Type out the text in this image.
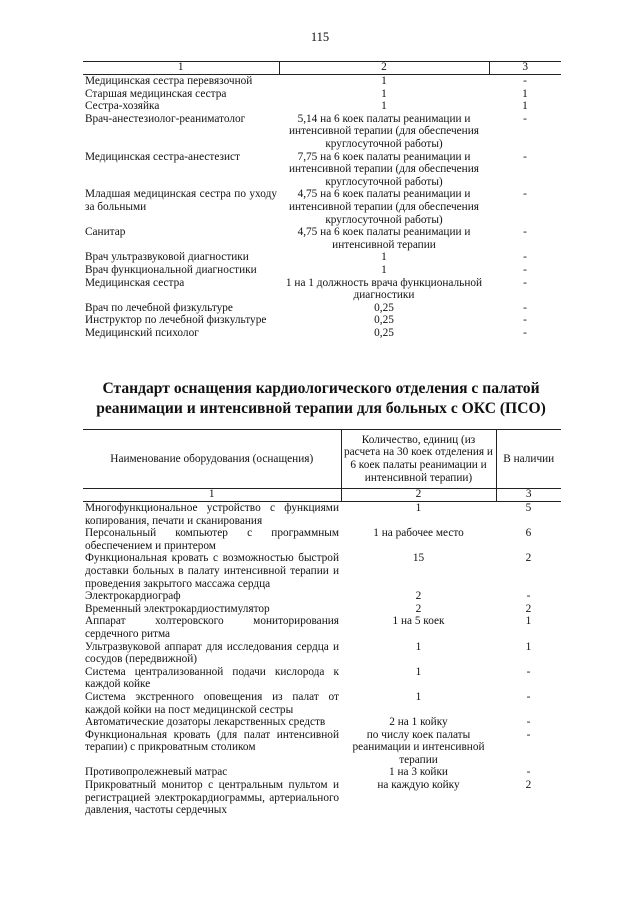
115
1	2	3
Медицинская сестра перевязочной	1	-
Старшая медицинская сестра	1	1
Сестра-хозяйка	1	1
Врач-анестезиолог-реаниматолог	5,14 на 6 коек палаты реанимации и интенсивной терапии (для обеспечения круглосуточной работы)	-
Медицинская сестра-анестезист	7,75 на 6 коек палаты реанимации и интенсивной терапии (для обеспечения круглосуточной работы)	-
Младшая медицинская сестра по уходу за больными	4,75 на 6 коек палаты реанимации и интенсивной терапии (для обеспечения круглосуточной работы)	-
Санитар	4,75 на 6 коек палаты реанимации и интенсивной терапии	-
Врач ультразвуковой диагностики	1	-
Врач функциональной диагностики	1	-
Медицинская сестра	1 на 1 должность врача функциональной диагностики	-
Врач по лечебной физкультуре	0,25	-
Инструктор по лечебной физкультуре	0,25	-
Медицинский психолог	0,25	-
Стандарт оснащения кардиологического отделения с палатой реанимации и интенсивной терапии для больных с ОКС (ПСО)
Наименование оборудования (оснащения)	Количество, единиц (из расчета на 30 коек отделения и 6 коек палаты реанимации и интенсивной терапии)	В наличии
1	2	3
Многофункциональное устройство с функциями копирования, печати и сканирования	1	5
Персональный компьютер с программным обеспечением и принтером	1 на рабочее место	6
Функциональная кровать с возможностью быстрой доставки больных в палату интенсивной терапии и проведения закрытого массажа сердца	15	2
Электрокардиограф	2	-
Временный электрокардиостимулятор	2	2
Аппарат холтеровского мониторирования сердечного ритма	1 на 5 коек	1
Ультразвуковой аппарат для исследования сердца и сосудов (передвижной)	1	1
Система централизованной подачи кислорода к каждой койке	1	-
Система экстренного оповещения из палат от каждой койки на пост медицинской сестры	1	-
Автоматические дозаторы лекарственных средств	2 на 1 койку	-
Функциональная кровать (для палат интенсивной терапии) с прикроватным столиком	по числу коек палаты реанимации и интенсивной терапии	-
Противопролежневый матрас	1 на 3 койки	-
Прикроватный монитор с центральным пультом и регистрацией электрокардиограммы, артериального давления, частоты сердечных	на каждую койку	2
